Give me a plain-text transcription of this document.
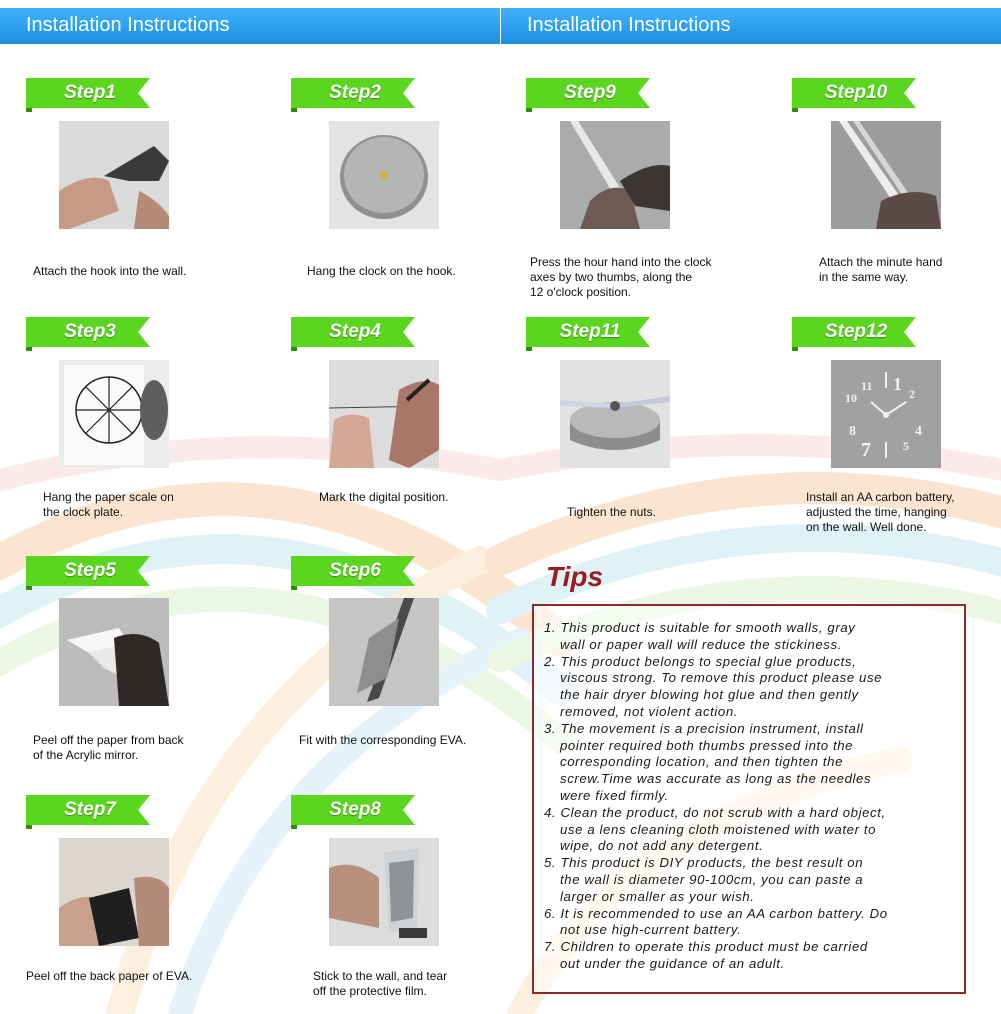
Installation Instructions	Installation Instructions
Step1
Attach the hook into the wall.
Step2
Hang the clock on the hook.
Step9
Press the hour hand into the clock
axes by two thumbs, along the
12 o'clock position.
Step10
Attach the minute hand
in the same way.
Step3
Hang the paper scale on
the clock plate.
Step4
Mark the digital position.
Step11
Tighten the nuts.
Step12
1 2
4
5
7
8
10
11
Install an AA carbon battery,
adjusted the time, hanging
on the wall. Well done.
Step5
Peel off the paper from back
of the Acrylic mirror.
Step6
Fit with the corresponding EVA.
Step7
Peel off the back paper of EVA.
Step8
Stick to the wall, and tear
off the protective film.
Tips
1. This product is suitable for smooth walls, gray
wall or paper wall will reduce the stickiness.
2. This product belongs to special glue products,
viscous strong. To remove this product please use
the hair dryer blowing hot glue and then gently
removed, not violent action.
3. The movement is a precision instrument, install
pointer required both thumbs pressed into the
corresponding location, and then tighten the
screw.Time was accurate as long as the needles
were fixed firmly.
4. Clean the product, do not scrub with a hard object,
use a lens cleaning cloth moistened with water to
wipe, do not add any detergent.
5. This product is DIY products, the best result on
the wall is diameter 90-100cm, you can paste a
larger or smaller as your wish.
6. It is recommended to use an AA carbon battery. Do
not use high-current battery.
7. Children to operate this product must be carried
out under the guidance of an adult.
